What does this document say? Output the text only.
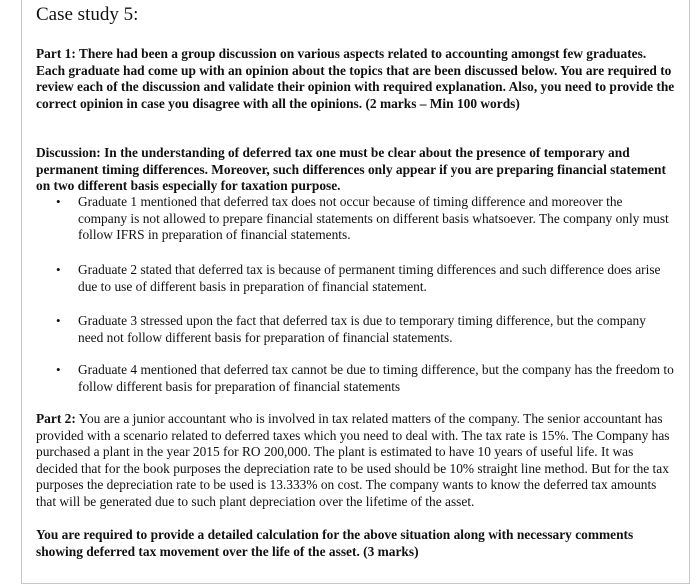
Case study 5:

Part 1: There had been a group discussion on various aspects related to accounting amongst few graduates. Each graduate had come up with an opinion about the topics that are been discussed below. You are required to review each of the discussion and validate their opinion with required explanation. Also, you need to provide the correct opinion in case you disagree with all the opinions. (2 marks – Min 100 words)

Discussion: In the understanding of deferred tax one must be clear about the presence of temporary and permanent timing differences. Moreover, such differences only appear if you are preparing financial statement on two different basis especially for taxation purpose.

• Graduate 1 mentioned that deferred tax does not occur because of timing difference and moreover the company is not allowed to prepare financial statements on different basis whatsoever. The company only must follow IFRS in preparation of financial statements.
• Graduate 2 stated that deferred tax is because of permanent timing differences and such difference does arise due to use of different basis in preparation of financial statement.
• Graduate 3 stressed upon the fact that deferred tax is due to temporary timing difference, but the company need not follow different basis for preparation of financial statements.
• Graduate 4 mentioned that deferred tax cannot be due to timing difference, but the company has the freedom to follow different basis for preparation of financial statements

Part 2: You are a junior accountant who is involved in tax related matters of the company. The senior accountant has provided with a scenario related to deferred taxes which you need to deal with. The tax rate is 15%. The Company has purchased a plant in the year 2015 for RO 200,000. The plant is estimated to have 10 years of useful life. It was decided that for the book purposes the depreciation rate to be used should be 10% straight line method. But for the tax purposes the depreciation rate to be used is 13.333% on cost. The company wants to know the deferred tax amounts that will be generated due to such plant depreciation over the lifetime of the asset.

You are required to provide a detailed calculation for the above situation along with necessary comments showing deferred tax movement over the life of the asset. (3 marks)
